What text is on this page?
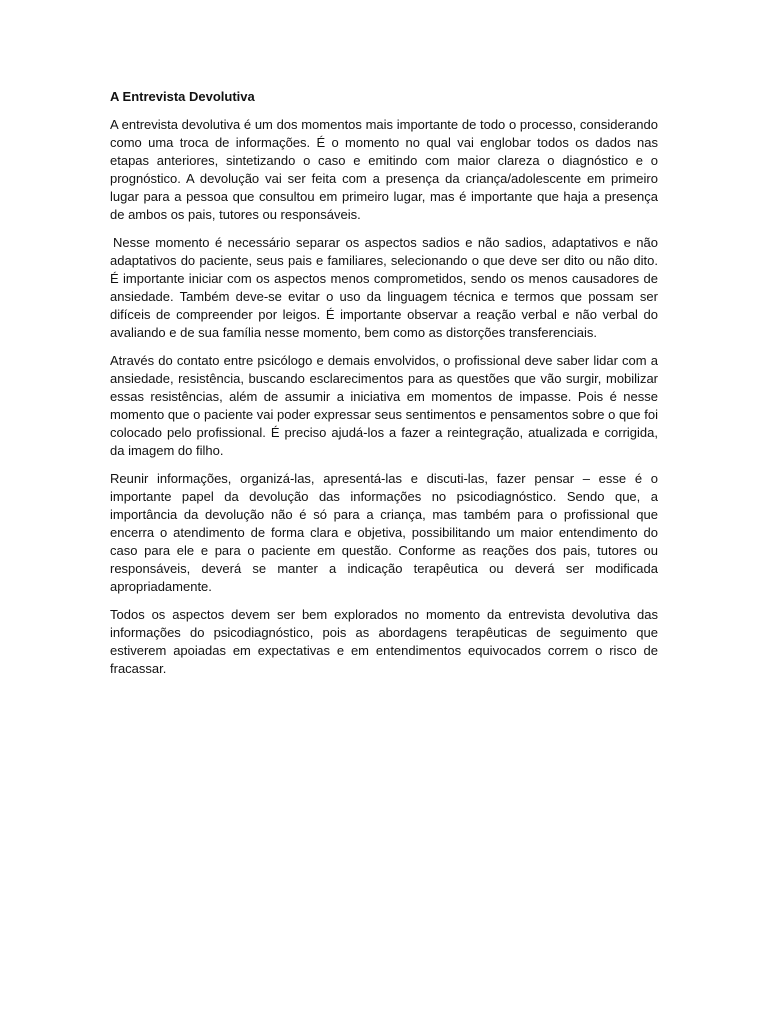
A Entrevista Devolutiva

A entrevista devolutiva é um dos momentos mais importante de todo o processo, considerando como uma troca de informações. É o momento no qual vai englobar todos os dados nas etapas anteriores, sintetizando o caso e emitindo com maior clareza o diagnóstico e o prognóstico. A devolução vai ser feita com a presença da criança/adolescente em primeiro lugar para a pessoa que consultou em primeiro lugar, mas é importante que haja a presença de ambos os pais, tutores ou responsáveis.

Nesse momento é necessário separar os aspectos sadios e não sadios, adaptativos e não adaptativos do paciente, seus pais e familiares, selecionando o que deve ser dito ou não dito. É importante iniciar com os aspectos menos comprometidos, sendo os menos causadores de ansiedade. Também deve-se evitar o uso da linguagem técnica e termos que possam ser difíceis de compreender por leigos. É importante observar a reação verbal e não verbal do avaliando e de sua família nesse momento, bem como as distorções transferenciais.

Através do contato entre psicólogo e demais envolvidos, o profissional deve saber lidar com a ansiedade, resistência, buscando esclarecimentos para as questões que vão surgir, mobilizar essas resistências, além de assumir a iniciativa em momentos de impasse. Pois é nesse momento que o paciente vai poder expressar seus sentimentos e pensamentos sobre o que foi colocado pelo profissional. É preciso ajudá-los a fazer a reintegração, atualizada e corrigida, da imagem do filho.

Reunir informações, organizá-las, apresentá-las e discuti-las, fazer pensar – esse é o importante papel da devolução das informações no psicodiagnóstico. Sendo que, a importância da devolução não é só para a criança, mas também para o profissional que encerra o atendimento de forma clara e objetiva, possibilitando um maior entendimento do caso para ele e para o paciente em questão. Conforme as reações dos pais, tutores ou responsáveis, deverá se manter a indicação terapêutica ou deverá ser modificada apropriadamente.

Todos os aspectos devem ser bem explorados no momento da entrevista devolutiva das informações do psicodiagnóstico, pois as abordagens terapêuticas de seguimento que estiverem apoiadas em expectativas e em entendimentos equivocados correm o risco de fracassar.
